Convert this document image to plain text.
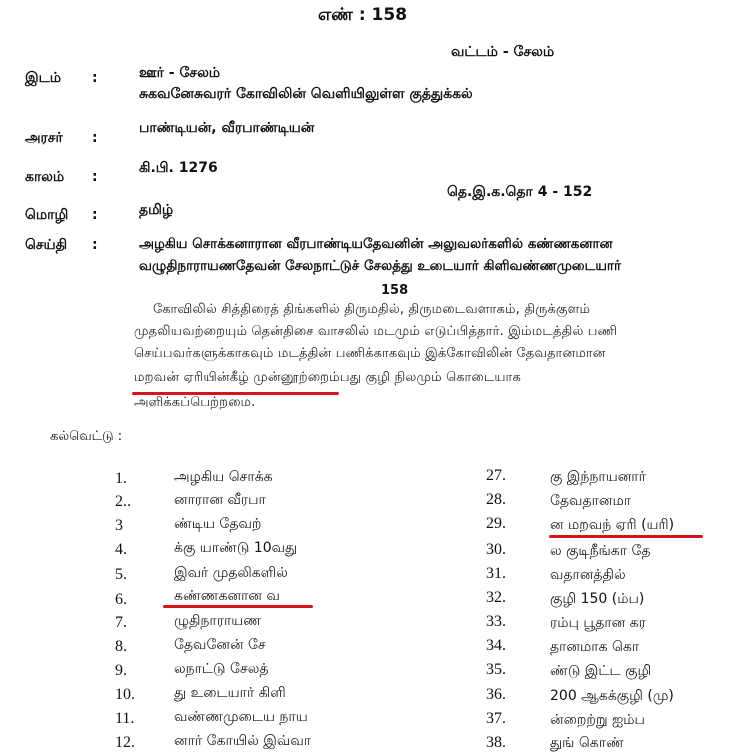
எண் : 158
வட்டம் - சேலம்
இடம் :	ஊர் - சேலம்
சுகவனேசுவரர் கோவிலின் வெளியிலுள்ள குத்துக்கல்
அரசர் :
பாண்டியன், வீரபாண்டியன்
காலம் :
கி.பி. 1276
தெ.இ.க.தொ 4 - 152
மொழி :	தமிழ்
செய்தி :	அழகிய சொக்கனாரான வீரபாண்டியதேவனின் அலுவலர்களில் கண்ணகனான
வழுதிநாராயணதேவன் சேலநாட்டுச் சேலத்து உடையார் கிளிவண்ணமுடையார்
158
கோவிலில் சித்திரைத் திங்களில் திருமதில், திருமடைவளாகம், திருக்குளம்
முதலியவற்றையும் தென்திசை வாசலில் மடமும் எடுப்பித்தார். இம்மடத்தில் பணி
செய்பவர்களுக்காகவும் மடத்தின் பணிக்காகவும் இக்கோவிலின் தேவதானமான
மறவன் ஏரியின்கீழ் முன்னூற்றைம்பது குழி நிலமும் கொடையாக
அளிக்கப்பெற்றமை.
கல்வெட்டு :
1.	அழகிய சொக்க
2..	னாரான வீரபா
3	ண்டிய தேவற்
4.	க்கு யாண்டு 10வது
5.	இவர் முதலிகளில்
6.	கண்ணகனான வ
7.	ழுதிநாராயண
8.	தேவனேன் சே
9.	லநாட்டு சேலத்
10.	து உடையார் கிளி
11.	வண்ணமுடைய நாய
12.	னார் கோயில் இவ்வா
27.	கு இந்நாயனார்
28.	தேவதானமா
29.	ன மறவந் ஏரி (யரி)
30.	ல குடிநீங்கா தே
31.	வதானத்தில்
32.	குழி 150 (ம்ப)
33.	ரம்பு பூதான கர
34.	தானமாக கொ
35.	ண்டு இட்ட குழி
36.	200 ஆகக்குழி (மு)
37.	ன்றைற்று ஐம்ப
38.	துங் கொண்
